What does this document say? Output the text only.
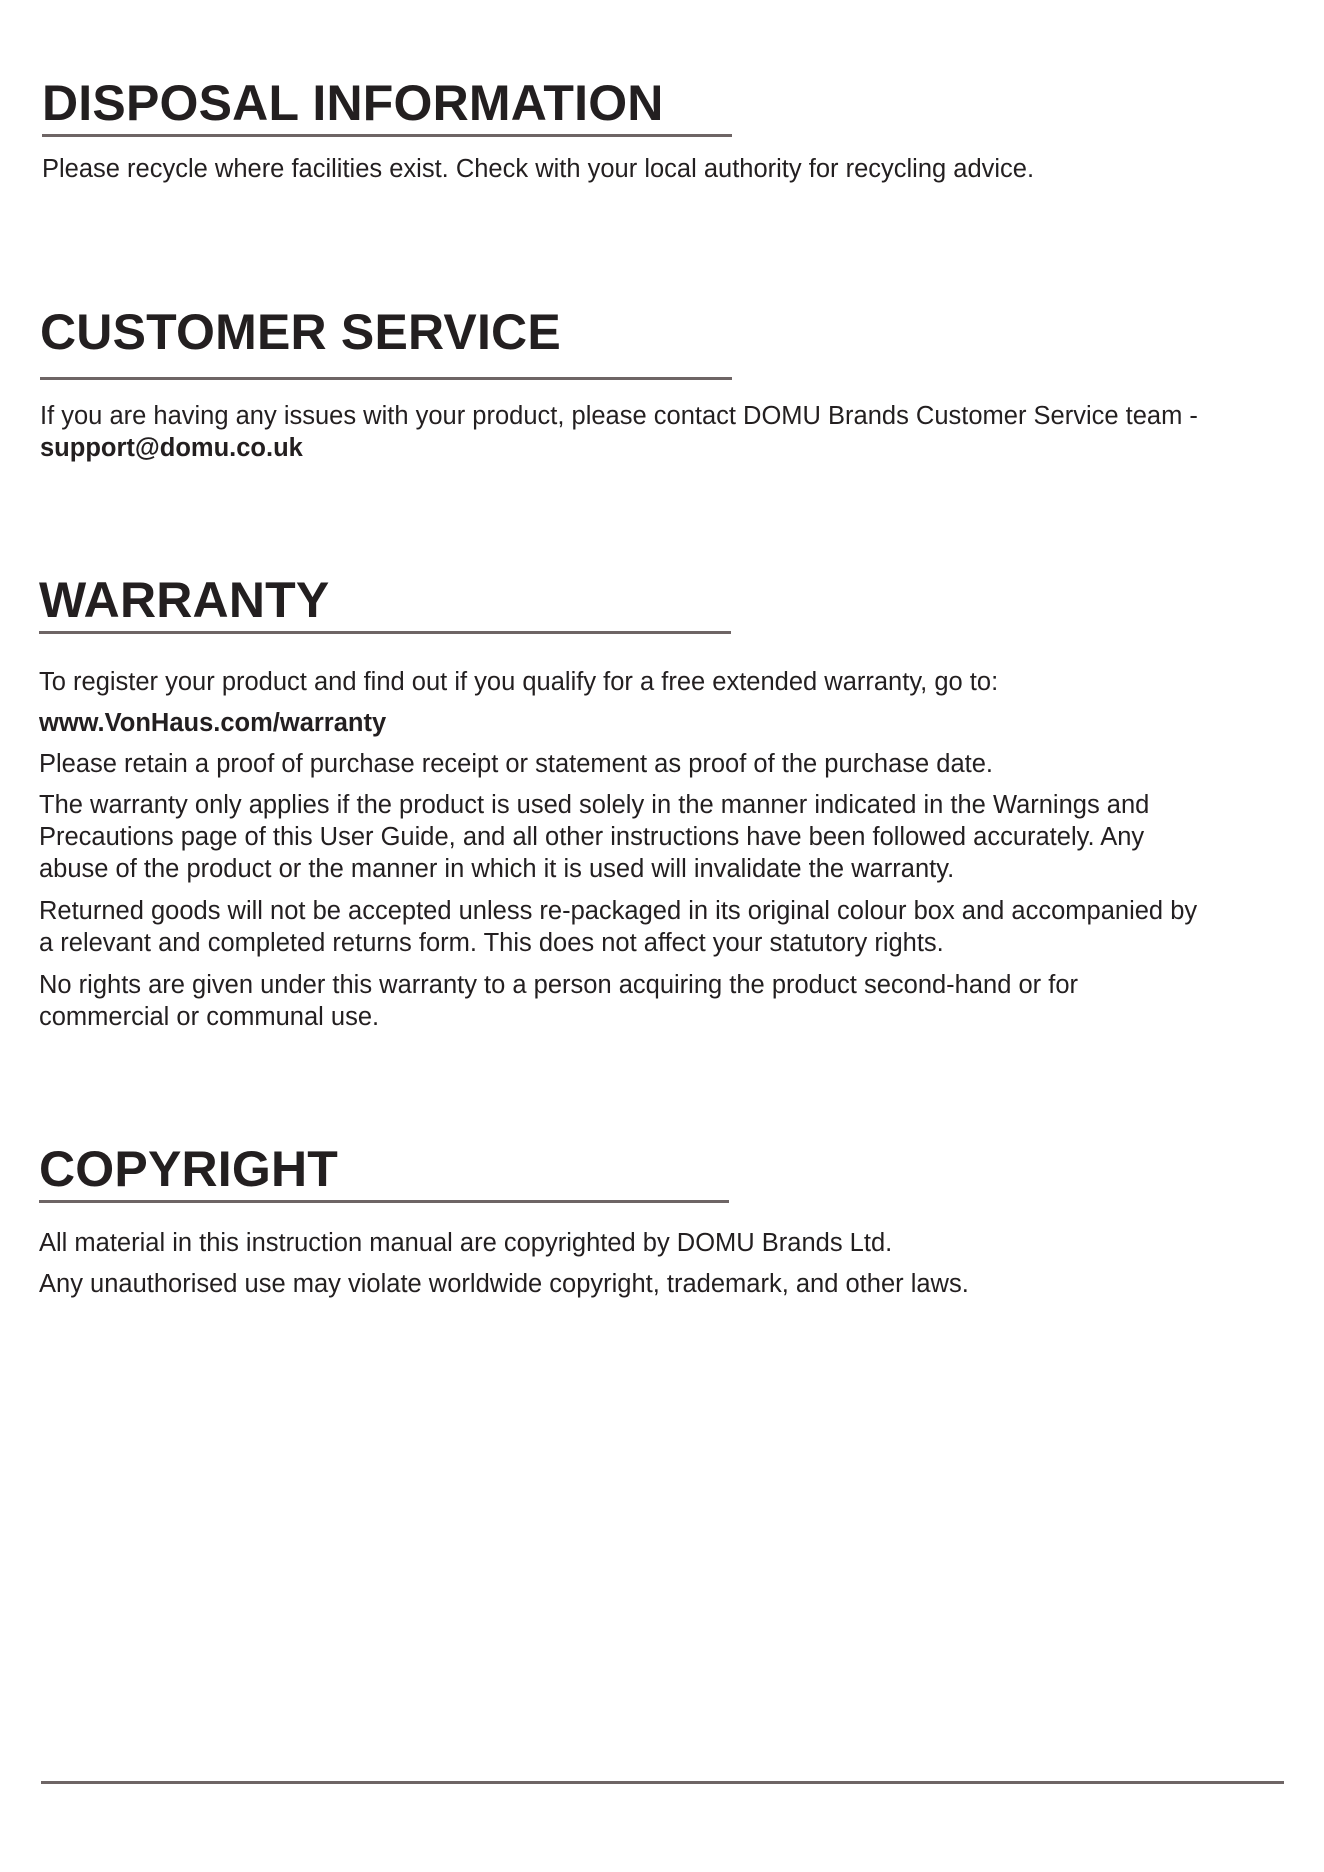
DISPOSAL INFORMATION

Please recycle where facilities exist. Check with your local authority for recycling advice.

CUSTOMER SERVICE

If you are having any issues with your product, please contact DOMU Brands Customer Service team - support@domu.co.uk

WARRANTY

To register your product and find out if you qualify for a free extended warranty, go to:

www.VonHaus.com/warranty

Please retain a proof of purchase receipt or statement as proof of the purchase date.

The warranty only applies if the product is used solely in the manner indicated in the Warnings and Precautions page of this User Guide, and all other instructions have been followed accurately. Any abuse of the product or the manner in which it is used will invalidate the warranty.

Returned goods will not be accepted unless re-packaged in its original colour box and accompanied by a relevant and completed returns form. This does not affect your statutory rights.

No rights are given under this warranty to a person acquiring the product second-hand or for commercial or communal use.

COPYRIGHT

All material in this instruction manual are copyrighted by DOMU Brands Ltd.

Any unauthorised use may violate worldwide copyright, trademark, and other laws.
